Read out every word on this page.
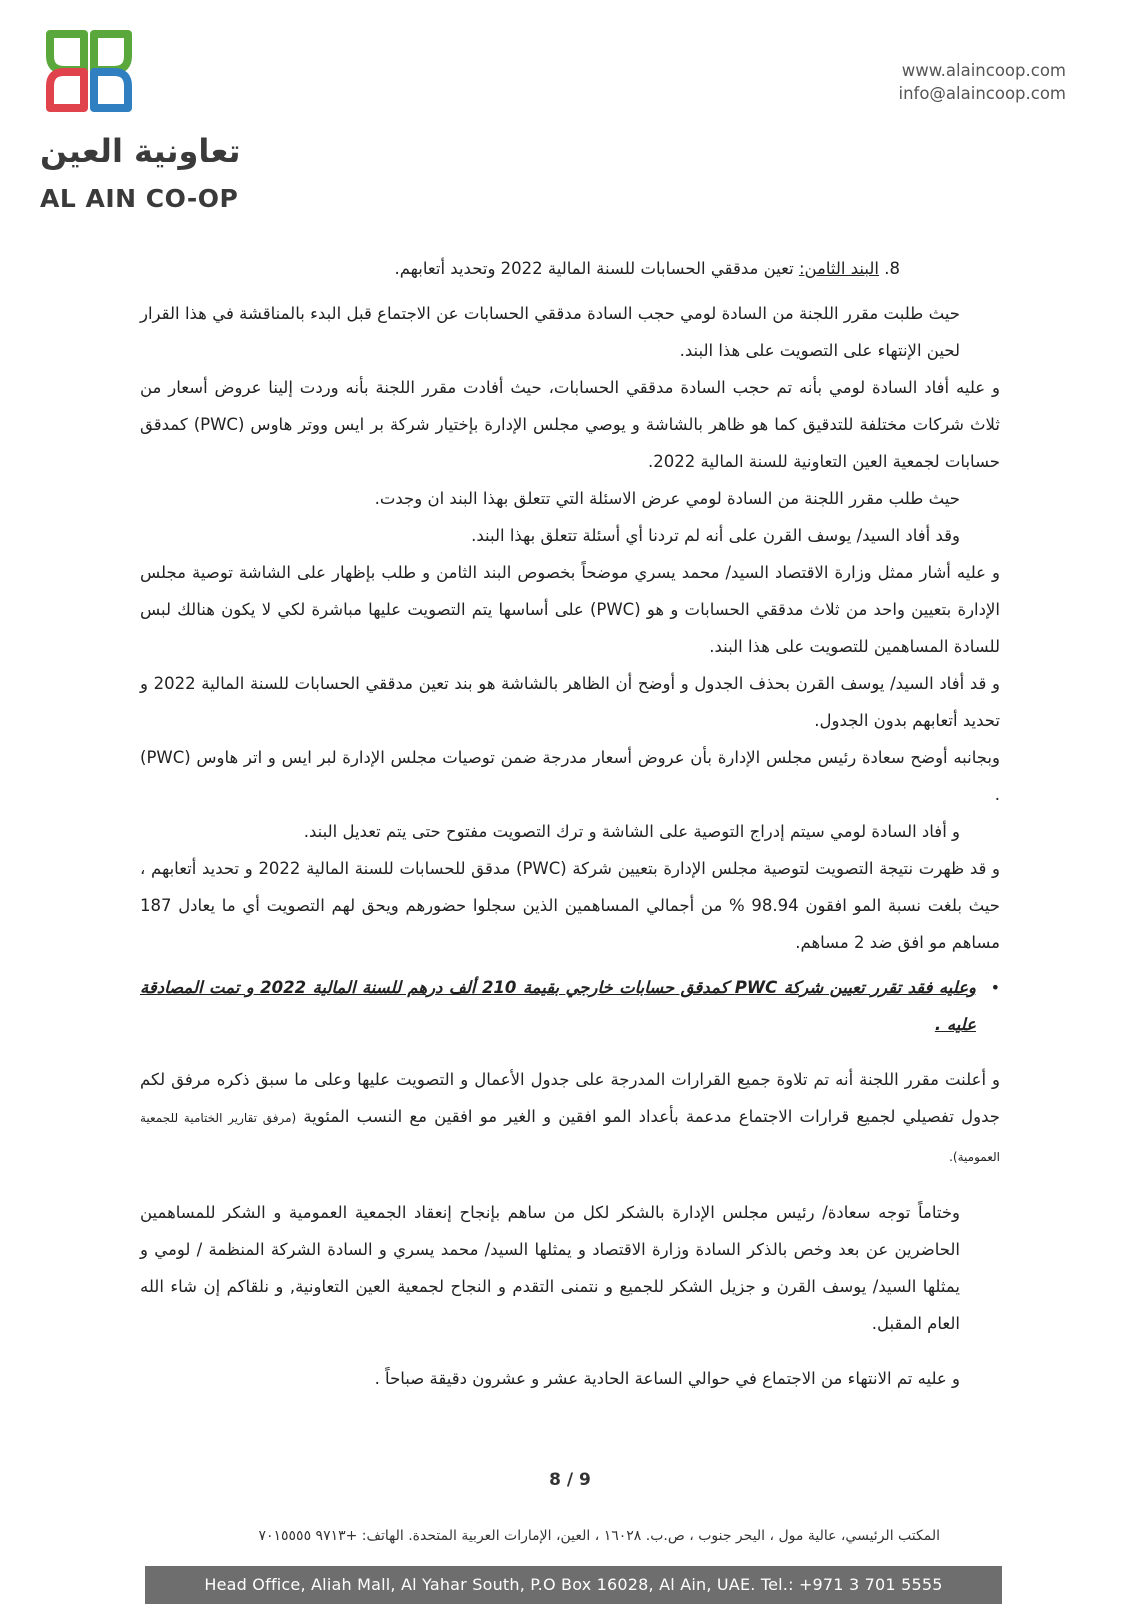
تعاونية العين
AL AIN CO-OP
www.alaincoop.com
info@alaincoop.com

8. البند الثامن: تعين مدققي الحسابات للسنة المالية 2022 وتحديد أتعابهم.

حيث طلبت مقرر اللجنة من السادة لومي حجب السادة مدققي الحسابات عن الاجتماع قبل البدء بالمناقشة في هذا القرار لحين الإنتهاء على التصويت على هذا البند.

و عليه أفاد السادة لومي بأنه تم حجب السادة مدققي الحسابات، حيث أفادت مقرر اللجنة بأنه وردت إلينا عروض أسعار من ثلاث شركات مختلفة للتدقيق كما هو ظاهر بالشاشة و يوصي مجلس الإدارة بإختيار شركة بر ايس ووتر هاوس (PWC) كمدقق حسابات لجمعية العين التعاونية للسنة المالية 2022.

حيث طلب مقرر اللجنة من السادة لومي عرض الاسئلة التي تتعلق بهذا البند ان وجدت.

وقد أفاد السيد/ يوسف القرن على أنه لم تردنا أي أسئلة تتعلق بهذا البند.

و عليه أشار ممثل وزارة الاقتصاد السيد/ محمد يسري موضحاً بخصوص البند الثامن و طلب بإظهار على الشاشة توصية مجلس الإدارة بتعيين واحد من ثلاث مدققي الحسابات و هو (PWC) على أساسها يتم التصويت عليها مباشرة لكي لا يكون هنالك لبس للسادة المساهمين للتصويت على هذا البند.

و قد أفاد السيد/ يوسف القرن بحذف الجدول و أوضح أن الظاهر بالشاشة هو بند تعين مدققي الحسابات للسنة المالية 2022 و تحديد أتعابهم بدون الجدول.

وبجانبه أوضح سعادة رئيس مجلس الإدارة بأن عروض أسعار مدرجة ضمن توصيات مجلس الإدارة لبر ايس و اتر هاوس (PWC) .

و أفاد السادة لومي سيتم إدراج التوصية على الشاشة و ترك التصويت مفتوح حتى يتم تعديل البند.

و قد ظهرت نتيجة التصويت لتوصية مجلس الإدارة بتعيين شركة (PWC) مدقق للحسابات للسنة المالية 2022 و تحديد أتعابهم ، حيث بلغت نسبة المو افقون 98.94 % من أجمالي المساهمين الذين سجلوا حضورهم ويحق لهم التصويت أي ما يعادل 187 مساهم مو افق ضد 2 مساهم.

•
وعليه فقد تقرر تعيين شركة PWC كمدقق حسابات خارجي بقيمة 210 ألف درهم للسنة المالية 2022 و تمت المصادقة عليه .

و أعلنت مقرر اللجنة أنه تم تلاوة جميع القرارات المدرجة على جدول الأعمال و التصويت عليها وعلى ما سبق ذكره مرفق لكم جدول تفصيلي لجميع قرارات الاجتماع مدعمة بأعداد المو افقين و الغير مو افقين مع النسب المئوية (مرفق تقارير الختامية للجمعية العمومية).

وختاماً توجه سعادة/ رئيس مجلس الإدارة بالشكر لكل من ساهم بإنجاح إنعقاد الجمعية العمومية و الشكر للمساهمين الحاضرين عن بعد وخص بالذكر السادة وزارة الاقتصاد و يمثلها السيد/ محمد يسري و السادة الشركة المنظمة / لومي و يمثلها السيد/ يوسف القرن و جزيل الشكر للجميع و نتمنى التقدم و النجاح لجمعية العين التعاونية, و نلقاكم إن شاء الله العام المقبل.

و عليه تم الانتهاء من الاجتماع في حوالي الساعة الحادية عشر و عشرون دقيقة صباحاً .

8 / 9
المكتب الرئيسي، عالية مول ، اليحر جنوب ، ص.ب. ١٦٠٢٨ ، العين، الإمارات العربية المتحدة. الهاتف: +٩٧١٣ ٧٠١٥٥٥٥
Head Office, Aliah Mall, Al Yahar South, P.O Box 16028, Al Ain, UAE. Tel.: +971 3 701 5555
